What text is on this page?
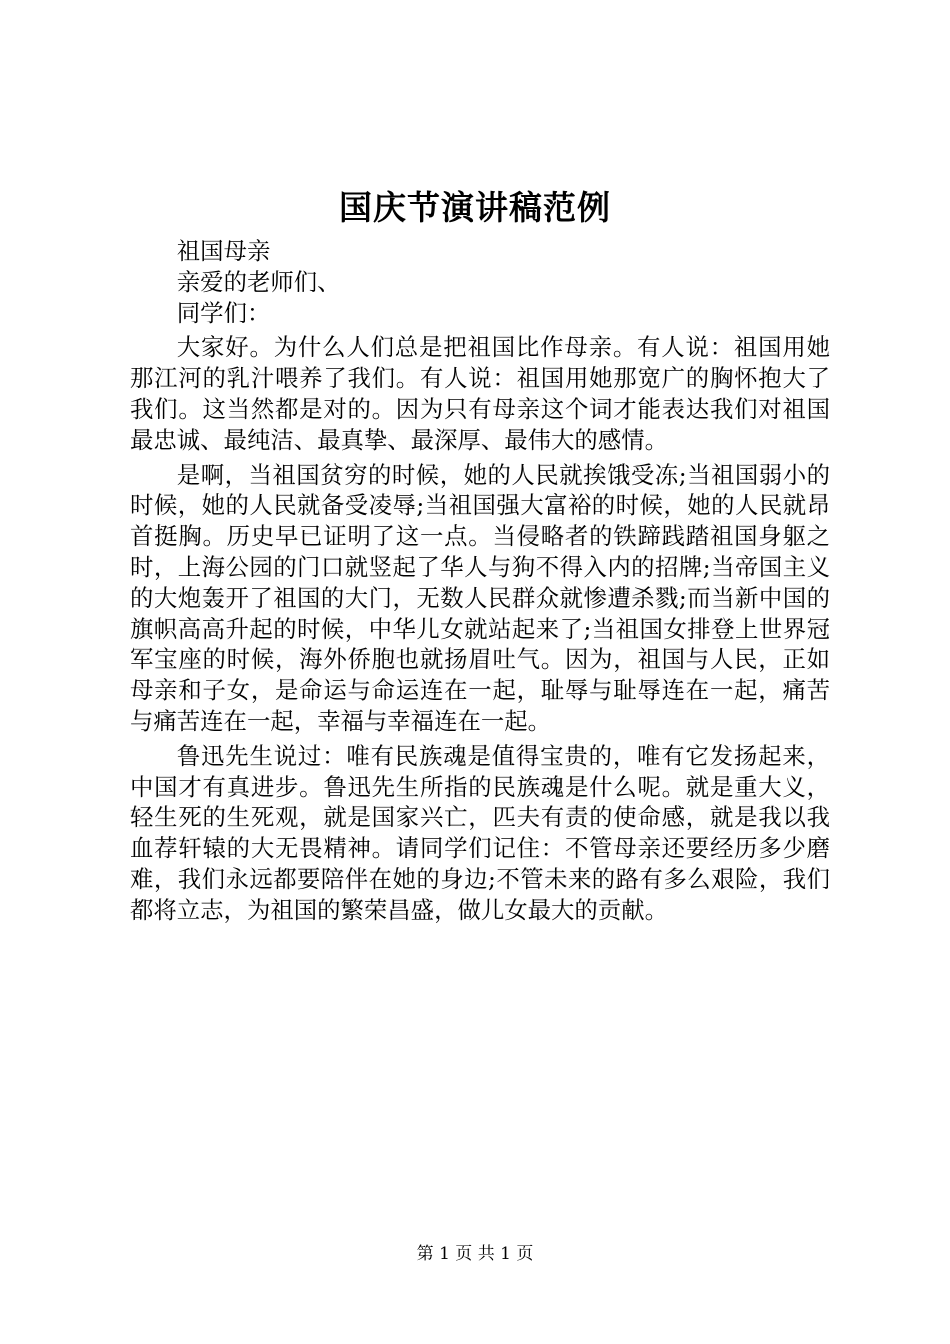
国庆节演讲稿范例

祖国母亲

亲爱的老师们、

同学们：

大家好。为什么人们总是把祖国比作母亲。有人说：祖国用她那江河的乳汁喂养了我们。有人说：祖国用她那宽广的胸怀抱大了我们。这当然都是对的。因为只有母亲这个词才能表达我们对祖国最忠诚、最纯洁、最真挚、最深厚、最伟大的感情。

是啊，当祖国贫穷的时候，她的人民就挨饿受冻;当祖国弱小的时候，她的人民就备受凌辱;当祖国强大富裕的时候，她的人民就昂首挺胸。历史早已证明了这一点。当侵略者的铁蹄践踏祖国身躯之时，上海公园的门口就竖起了华人与狗不得入内的招牌;当帝国主义的大炮轰开了祖国的大门，无数人民群众就惨遭杀戮;而当新中国的旗帜高高升起的时候，中华儿女就站起来了;当祖国女排登上世界冠军宝座的时候，海外侨胞也就扬眉吐气。因为，祖国与人民，正如母亲和子女，是命运与命运连在一起，耻辱与耻辱连在一起，痛苦与痛苦连在一起，幸福与幸福连在一起。

鲁迅先生说过：唯有民族魂是值得宝贵的，唯有它发扬起来，中国才有真进步。鲁迅先生所指的民族魂是什么呢。就是重大义，轻生死的生死观，就是国家兴亡，匹夫有责的使命感，就是我以我血荐轩辕的大无畏精神。请同学们记住：不管母亲还要经历多少磨难，我们永远都要陪伴在她的身边;不管未来的路有多么艰险，我们都将立志，为祖国的繁荣昌盛，做儿女最大的贡献。

第 1 页 共 1 页
